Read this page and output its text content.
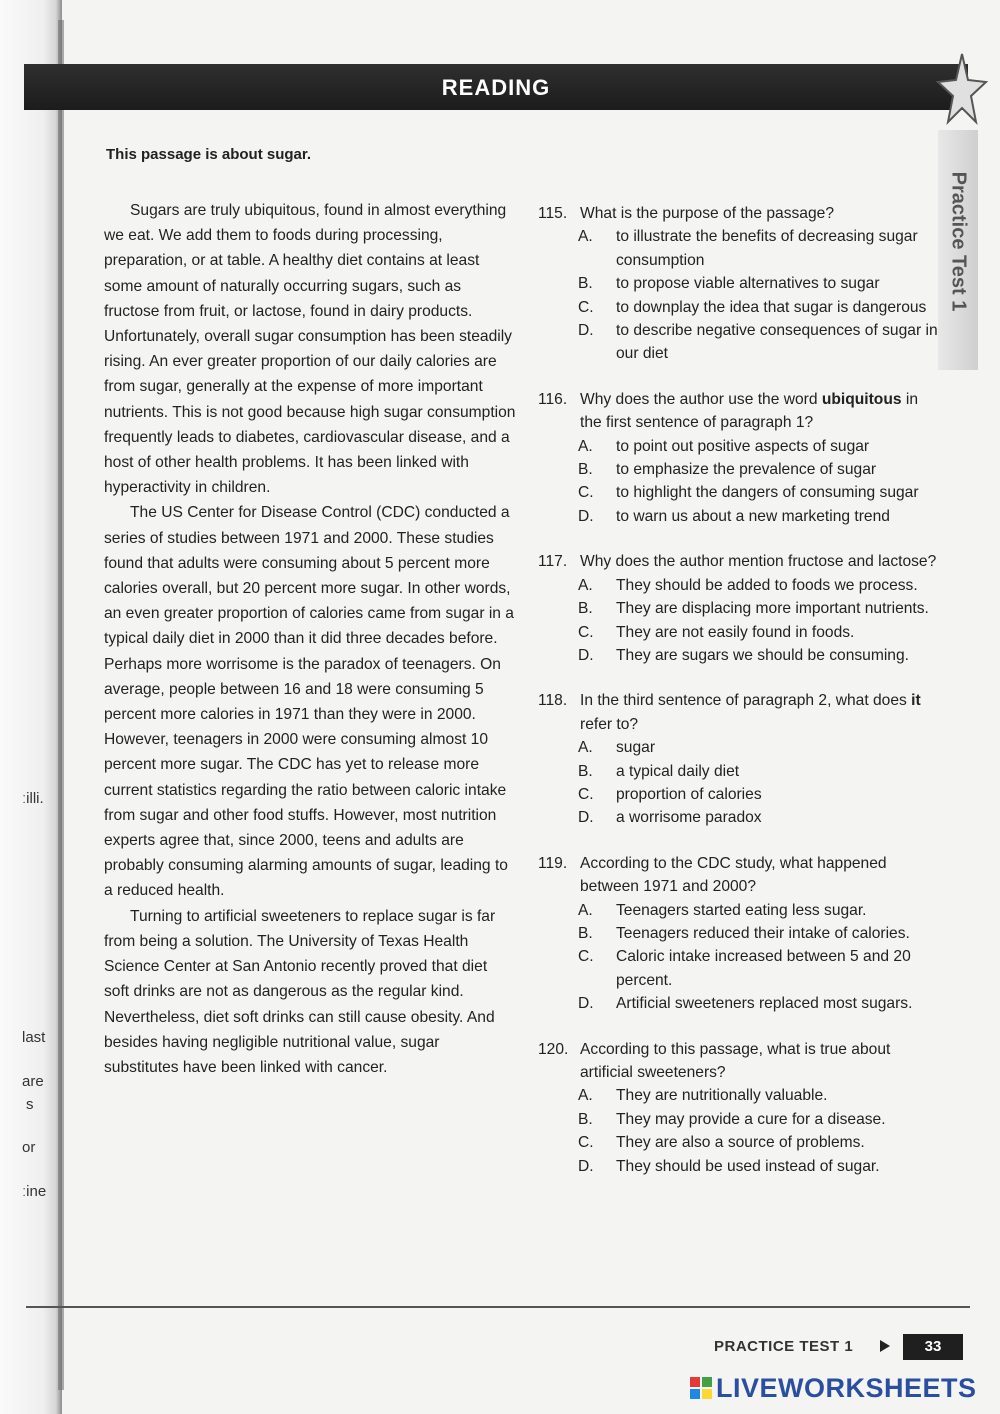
ːilli.
last
are
s
or
ːine
READING
Practice Test 1
This passage is about sugar.

Sugars are truly ubiquitous, found in almost everything we eat. We add them to foods during processing, preparation, or at table. A healthy diet contains at least some amount of naturally occurring sugars, such as fructose from fruit, or lactose, found in dairy products. Unfortunately, overall sugar consumption has been steadily rising. An ever greater proportion of our daily calories are from sugar, generally at the expense of more important nutrients. This is not good because high sugar consumption frequently leads to diabetes, cardiovascular disease, and a host of other health problems. It has been linked with hyperactivity in children.

The US Center for Disease Control (CDC) conducted a series of studies between 1971 and 2000. These studies found that adults were consuming about 5 percent more calories overall, but 20 percent more sugar. In other words, an even greater proportion of calories came from sugar in a typical daily diet in 2000 than it did three decades before. Perhaps more worrisome is the paradox of teenagers. On average, people between 16 and 18 were consuming 5 percent more calories in 1971 than they were in 2000. However, teenagers in 2000 were consuming almost 10 percent more sugar. The CDC has yet to release more current statistics regarding the ratio between caloric intake from sugar and other food stuffs. However, most nutrition experts agree that, since 2000, teens and adults are probably consuming alarming amounts of sugar, leading to a reduced health.

Turning to artificial sweeteners to replace sugar is far from being a solution. The University of Texas Health Science Center at San Antonio recently proved that diet soft drinks are not as dangerous as the regular kind. Nevertheless, diet soft drinks can still cause obesity. And besides having negligible nutritional value, sugar substitutes have been linked with cancer.

115. What is the purpose of the passage?
A.	to illustrate the benefits of decreasing sugar consumption
B.	to propose viable alternatives to sugar
C.	to downplay the idea that sugar is dangerous
D.	to describe negative consequences of sugar in our diet
116. Why does the author use the word ubiquitous in the first sentence of paragraph 1?
A.	to point out positive aspects of sugar
B.	to emphasize the prevalence of sugar
C.	to highlight the dangers of consuming sugar
D.	to warn us about a new marketing trend
117. Why does the author mention fructose and lactose?
A.	They should be added to foods we process.
B.	They are displacing more important nutrients.
C.	They are not easily found in foods.
D.	They are sugars we should be consuming.
118. In the third sentence of paragraph 2, what does it refer to?
A.	sugar
B.	a typical daily diet
C.	proportion of calories
D.	a worrisome paradox
119. According to the CDC study, what happened between 1971 and 2000?
A.	Teenagers started eating less sugar.
B.	Teenagers reduced their intake of calories.
C.	Caloric intake increased between 5 and 20 percent.
D.	Artificial sweeteners replaced most sugars.
120. According to this passage, what is true about artificial sweeteners?
A.	They are nutritionally valuable.
B.	They may provide a cure for a disease.
C.	They are also a source of problems.
D.	They should be used instead of sugar.
PRACTICE TEST 1	33
LIVEWORKSHEETS
